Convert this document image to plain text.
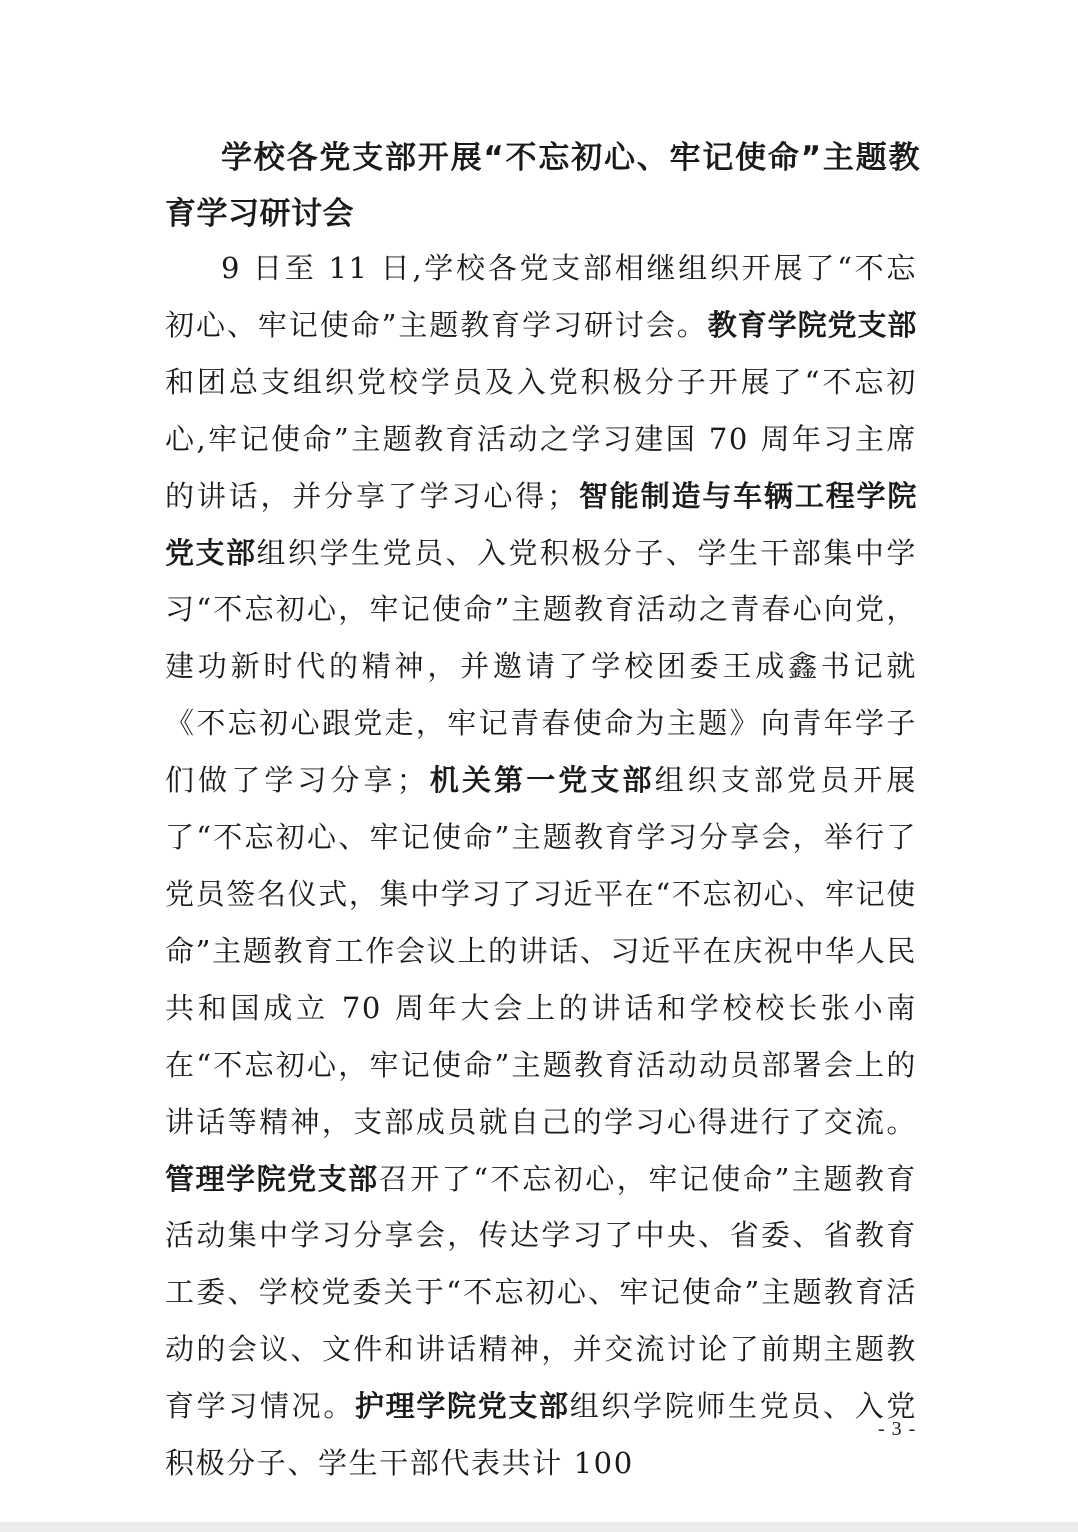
学校各党支部开展“不忘初心、牢记使命”主题教育学习研讨会

9 日至 11 日,学校各党支部相继组织开展了“不忘初心、牢记使命”主题教育学习研讨会。教育学院党支部和团总支组织党校学员及入党积极分子开展了“不忘初心,牢记使命”主题教育活动之学习建国 70 周年习主席的讲话，并分享了学习心得；智能制造与车辆工程学院党支部组织学生党员、入党积极分子、学生干部集中学习“不忘初心，牢记使命”主题教育活动之青春心向党，建功新时代的精神，并邀请了学校团委王成鑫书记就《不忘初心跟党走，牢记青春使命为主题》向青年学子们做了学习分享；机关第一党支部组织支部党员开展了“不忘初心、牢记使命”主题教育学习分享会，举行了党员签名仪式，集中学习了习近平在“不忘初心、牢记使命”主题教育工作会议上的讲话、习近平在庆祝中华人民共和国成立 70 周年大会上的讲话和学校校长张小南在“不忘初心，牢记使命”主题教育活动动员部署会上的讲话等精神，支部成员就自己的学习心得进行了交流。管理学院党支部召开了“不忘初心，牢记使命”主题教育活动集中学习分享会，传达学习了中央、省委、省教育工委、学校党委关于“不忘初心、牢记使命”主题教育活动的会议、文件和讲话精神，并交流讨论了前期主题教育学习情况。护理学院党支部组织学院师生党员、入党积极分子、学生干部代表共计 100

- 3 -
